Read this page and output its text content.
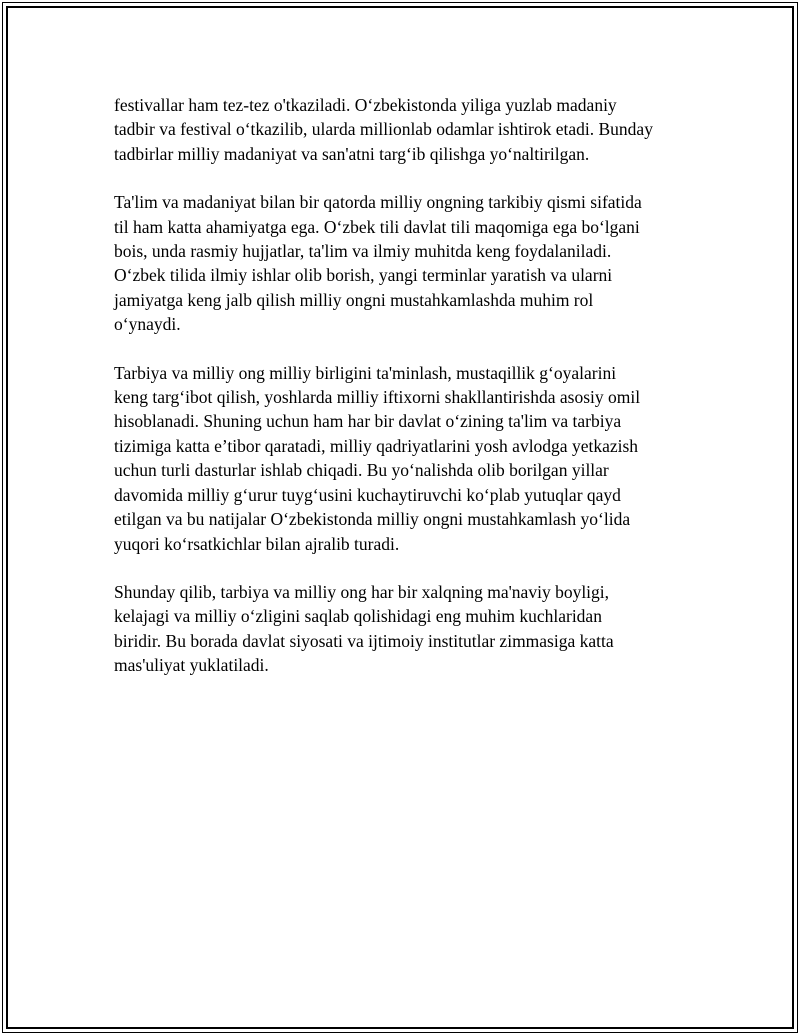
festivallar ham tez-tez o'tkaziladi. O‘zbekistonda yiliga yuzlab madaniy
tadbir va festival o‘tkazilib, ularda millionlab odamlar ishtirok etadi. Bunday
tadbirlar milliy madaniyat va san'atni targ‘ib qilishga yo‘naltirilgan.

Ta'lim va madaniyat bilan bir qatorda milliy ongning tarkibiy qismi sifatida
til ham katta ahamiyatga ega. O‘zbek tili davlat tili maqomiga ega bo‘lgani
bois, unda rasmiy hujjatlar, ta'lim va ilmiy muhitda keng foydalaniladi.
O‘zbek tilida ilmiy ishlar olib borish, yangi terminlar yaratish va ularni
jamiyatga keng jalb qilish milliy ongni mustahkamlashda muhim rol
o‘ynaydi.

Tarbiya va milliy ong milliy birligini ta'minlash, mustaqillik g‘oyalarini
keng targ‘ibot qilish, yoshlarda milliy iftixorni shakllantirishda asosiy omil
hisoblanadi. Shuning uchun ham har bir davlat o‘zining ta'lim va tarbiya
tizimiga katta e’tibor qaratadi, milliy qadriyatlarini yosh avlodga yetkazish
uchun turli dasturlar ishlab chiqadi. Bu yo‘nalishda olib borilgan yillar
davomida milliy g‘urur tuyg‘usini kuchaytiruvchi ko‘plab yutuqlar qayd
etilgan va bu natijalar O‘zbekistonda milliy ongni mustahkamlash yo‘lida
yuqori ko‘rsatkichlar bilan ajralib turadi.

Shunday qilib, tarbiya va milliy ong har bir xalqning ma'naviy boyligi,
kelajagi va milliy o‘zligini saqlab qolishidagi eng muhim kuchlaridan
biridir. Bu borada davlat siyosati va ijtimoiy institutlar zimmasiga katta
mas'uliyat yuklatiladi.
